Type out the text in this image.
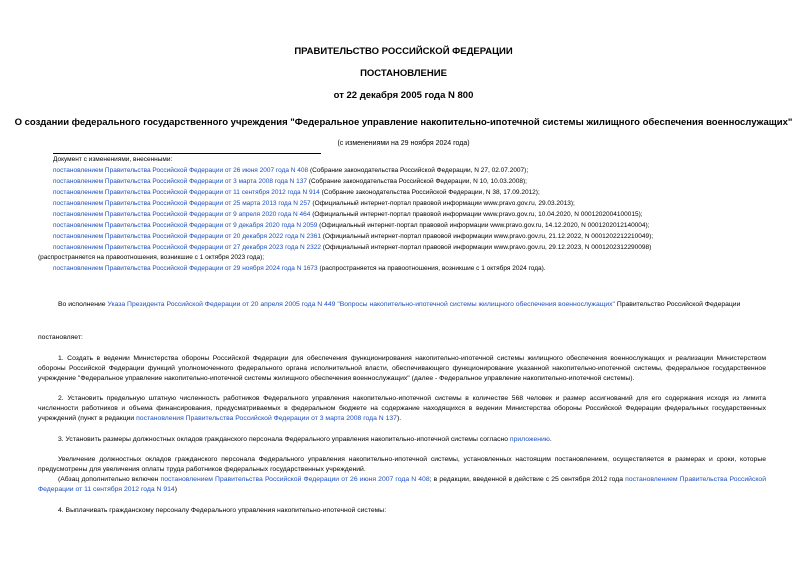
ПРАВИТЕЛЬСТВО РОССИЙСКОЙ ФЕДЕРАЦИИ
ПОСТАНОВЛЕНИЕ
от 22 декабря 2005 года N 800
О создании федерального государственного учреждения "Федеральное управление накопительно-ипотечной системы жилищного обеспечения военнослужащих"
(с изменениями на 29 ноября 2024 года)
Документ с изменениями, внесенными:
постановлением Правительства Российской Федерации от 26 июня 2007 года N 408 (Собрание законодательства Российской Федерации, N 27, 02.07.2007);
постановлением Правительства Российской Федерации от 3 марта 2008 года N 137 (Собрание законодательства Российской Федерации, N 10, 10.03.2008);
постановлением Правительства Российской Федерации от 11 сентября 2012 года N 914 (Собрание законодательства Российской Федерации, N 38, 17.09.2012);
постановлением Правительства Российской Федерации от 25 марта 2013 года N 257 (Официальный интернет-портал правовой информации www.pravo.gov.ru, 29.03.2013);
постановлением Правительства Российской Федерации от 9 апреля 2020 года N 464 (Официальный интернет-портал правовой информации www.pravo.gov.ru, 10.04.2020, N 0001202004100015);
постановлением Правительства Российской Федерации от 9 декабря 2020 года N 2059 (Официальный интернет-портал правовой информации www.pravo.gov.ru, 14.12.2020, N 0001202012140004);
постановлением Правительства Российской Федерации от 20 декабря 2022 года N 2361 (Официальный интернет-портал правовой информации www.pravo.gov.ru, 21.12.2022, N 0001202212210049);
постановлением Правительства Российской Федерации от 27 декабря 2023 года N 2322 (Официальный интернет-портал правовой информации www.pravo.gov.ru, 29.12.2023, N 0001202312290098)
(распространяется на правоотношения, возникшие с 1 октября 2023 года);
постановлением Правительства Российской Федерации от 29 ноября 2024 года N 1673 (распространяется на правоотношения, возникшие с 1 октября 2024 года).

Во исполнение Указа Президента Российской Федерации от 20 апреля 2005 года N 449 "Вопросы накопительно-ипотечной системы жилищного обеспечения военнослужащих" Правительство Российской Федерации

постановляет:

1. Создать в ведении Министерства обороны Российской Федерации для обеспечения функционирования накопительно-ипотечной системы жилищного обеспечения военнослужащих и реализации Министерством обороны Российской Федерации функций уполномоченного федерального органа исполнительной власти, обеспечивающего функционирование указанной накопительно-ипотечной системы, федеральное государственное учреждение "Федеральное управление накопительно-ипотечной системы жилищного обеспечения военнослужащих" (далее - Федеральное управление накопительно-ипотечной системы).

2. Установить предельную штатную численность работников Федерального управления накопительно-ипотечной системы в количестве 568 человек и размер ассигнований для его содержания исходя из лимита численности работников и объема финансирования, предусматриваемых в федеральном бюджете на содержание находящихся в ведении Министерства обороны Российской Федерации федеральных государственных учреждений (пункт в редакции постановления Правительства Российской Федерации от 3 марта 2008 года N 137).

3. Установить размеры должностных окладов гражданского персонала Федерального управления накопительно-ипотечной системы согласно приложению.

Увеличение должностных окладов гражданского персонала Федерального управления накопительно-ипотечной системы, установленных настоящим постановлением, осуществляется в размерах и сроки, которые предусмотрены для увеличения оплаты труда работников федеральных государственных учреждений.

(Абзац дополнительно включен постановлением Правительства Российской Федерации от 26 июня 2007 года N 408; в редакции, введенной в действие с 25 сентября 2012 года постановлением Правительства Российской Федерации от 11 сентября 2012 года N 914)

4. Выплачивать гражданскому персоналу Федерального управления накопительно-ипотечной системы:
